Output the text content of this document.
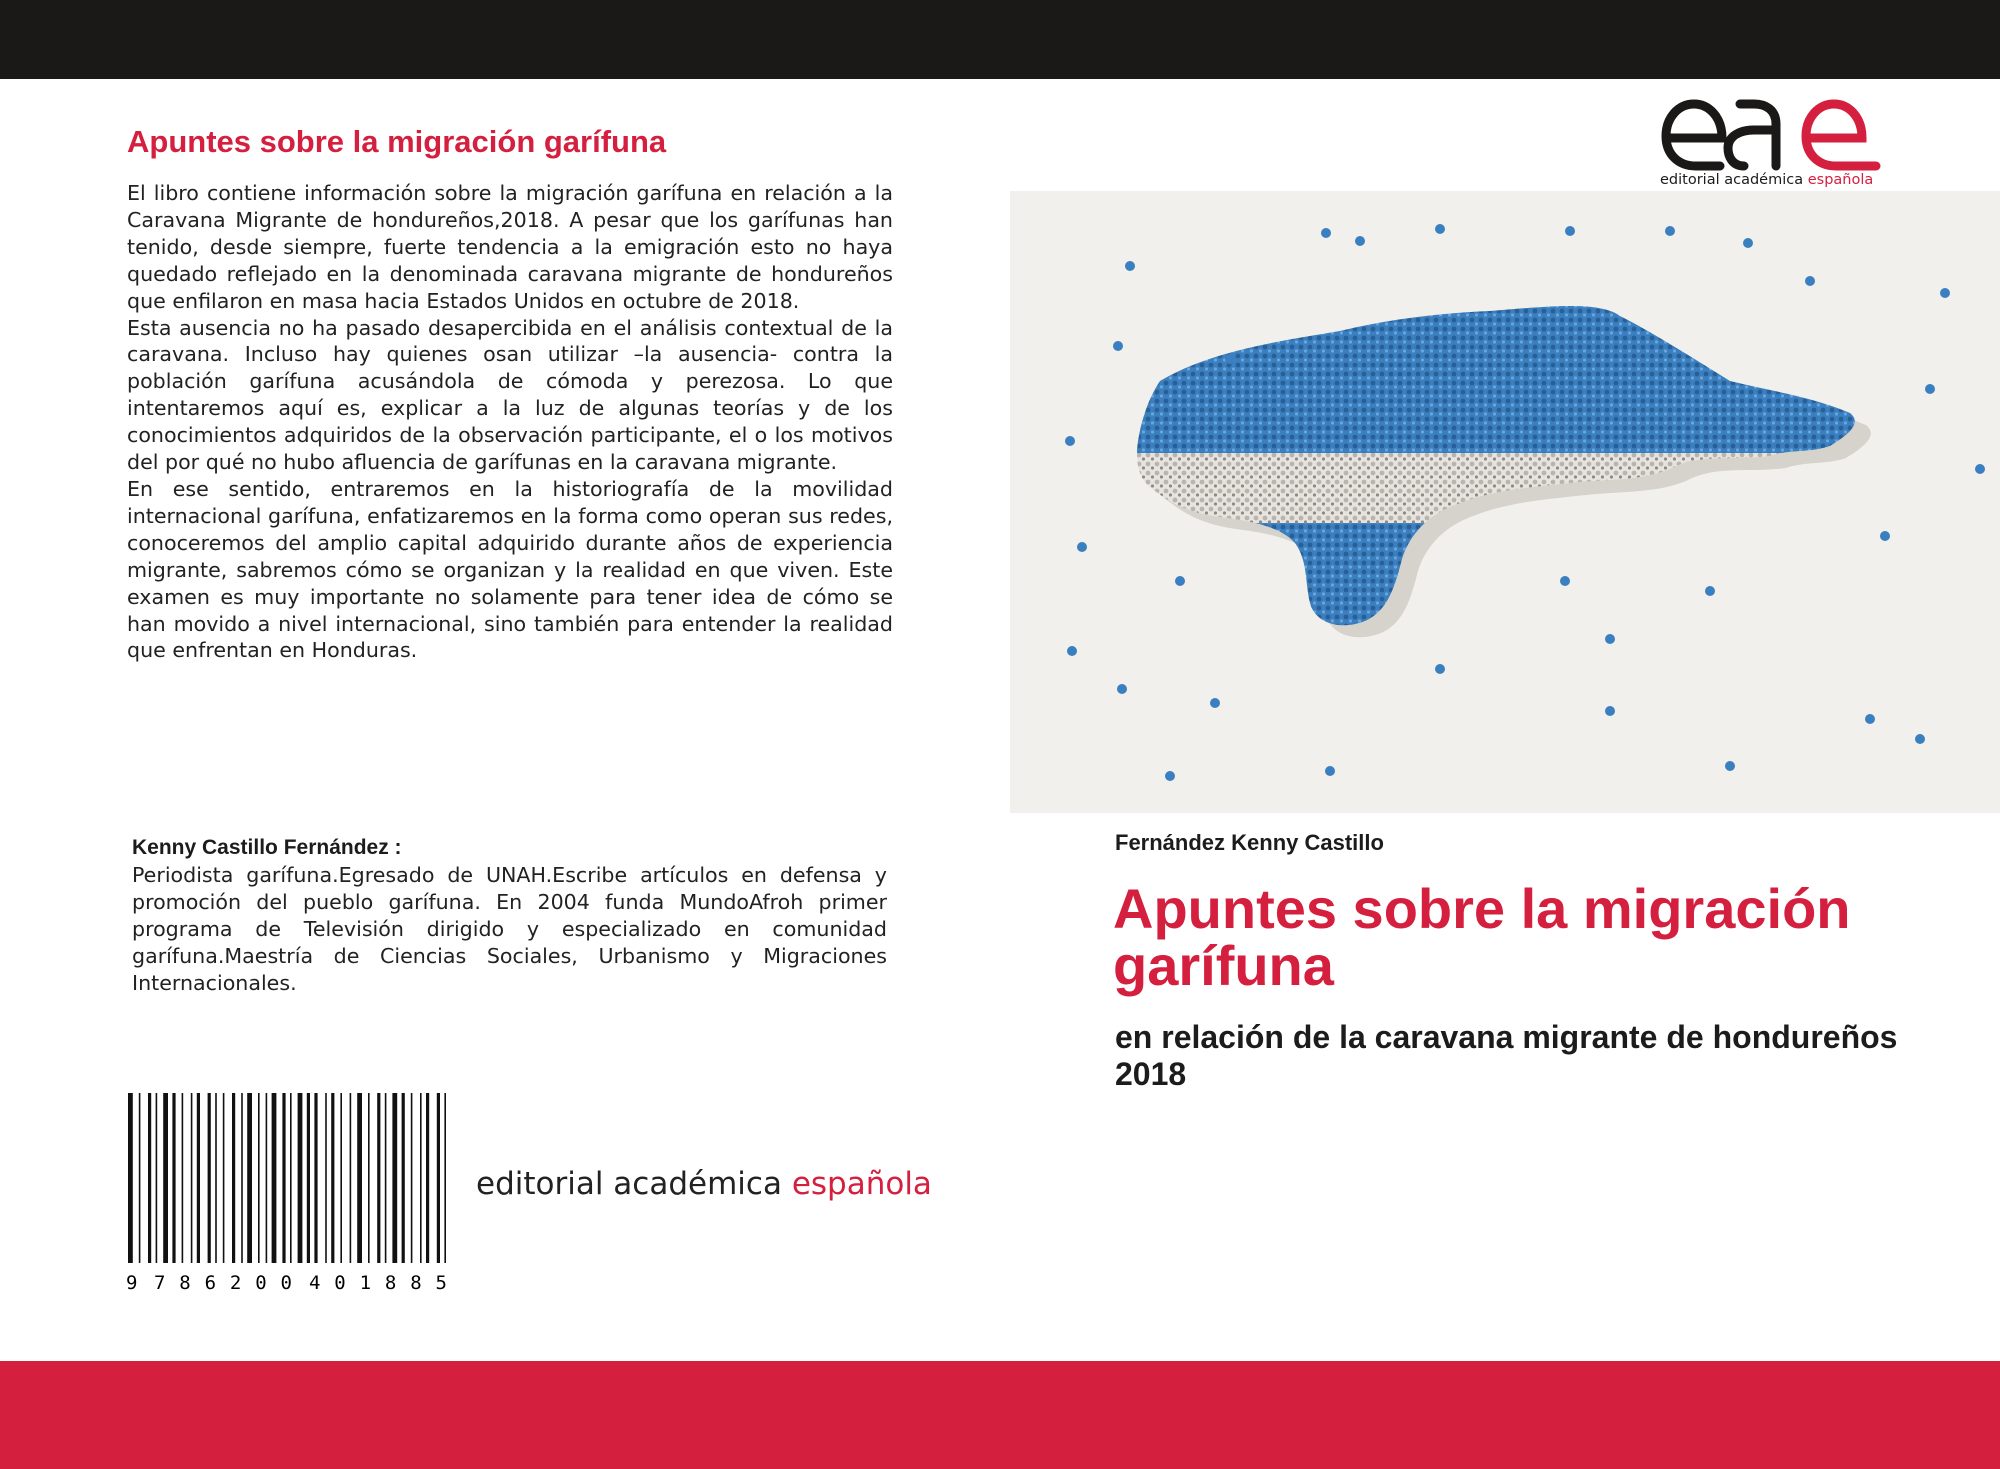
Apuntes sobre la migración garífuna

El libro contiene información sobre la migración garífuna en relación a la Caravana Migrante de hondureños,2018. A pesar que los garífunas han tenido, desde siempre, fuerte tendencia a la emigración esto no haya quedado reflejado en la denominada caravana migrante de hondureños que enfilaron en masa hacia Estados Unidos en octubre de 2018.

Esta ausencia no ha pasado desapercibida en el análisis contextual de la caravana. Incluso hay quienes osan utilizar –la ausencia- contra la población garífuna acusándola de cómoda y perezosa. Lo que intentaremos aquí es, explicar a la luz de algunas teorías y de los conocimientos adquiridos de la observación participante, el o los motivos del por qué no hubo afluencia de garífunas en la caravana migrante.

En ese sentido, entraremos en la historiografía de la movilidad internacional garífuna, enfatizaremos en la forma como operan sus redes, conoceremos del amplio capital adquirido durante años de experiencia migrante, sabremos cómo se organizan y la realidad en que viven. Este examen es muy importante no solamente para tener idea de cómo se han movido a nivel internacional, sino también para entender la realidad que enfrentan en Honduras.

Kenny Castillo Fernández :
Periodista garífuna.Egresado de UNAH.Escribe artículos en defensa y promoción del pueblo garífuna. En 2004 funda MundoAfroh primer programa de Televisión dirigido y especializado en comunidad garífuna.Maestría de Ciencias Sociales, Urbanismo y Migraciones Internacionales.
9 786200 401885
editorial académica española
editorial académica española
Fernández Kenny Castillo
Apuntes sobre la migración garífuna
en relación de la caravana migrante de hondureños 2018
